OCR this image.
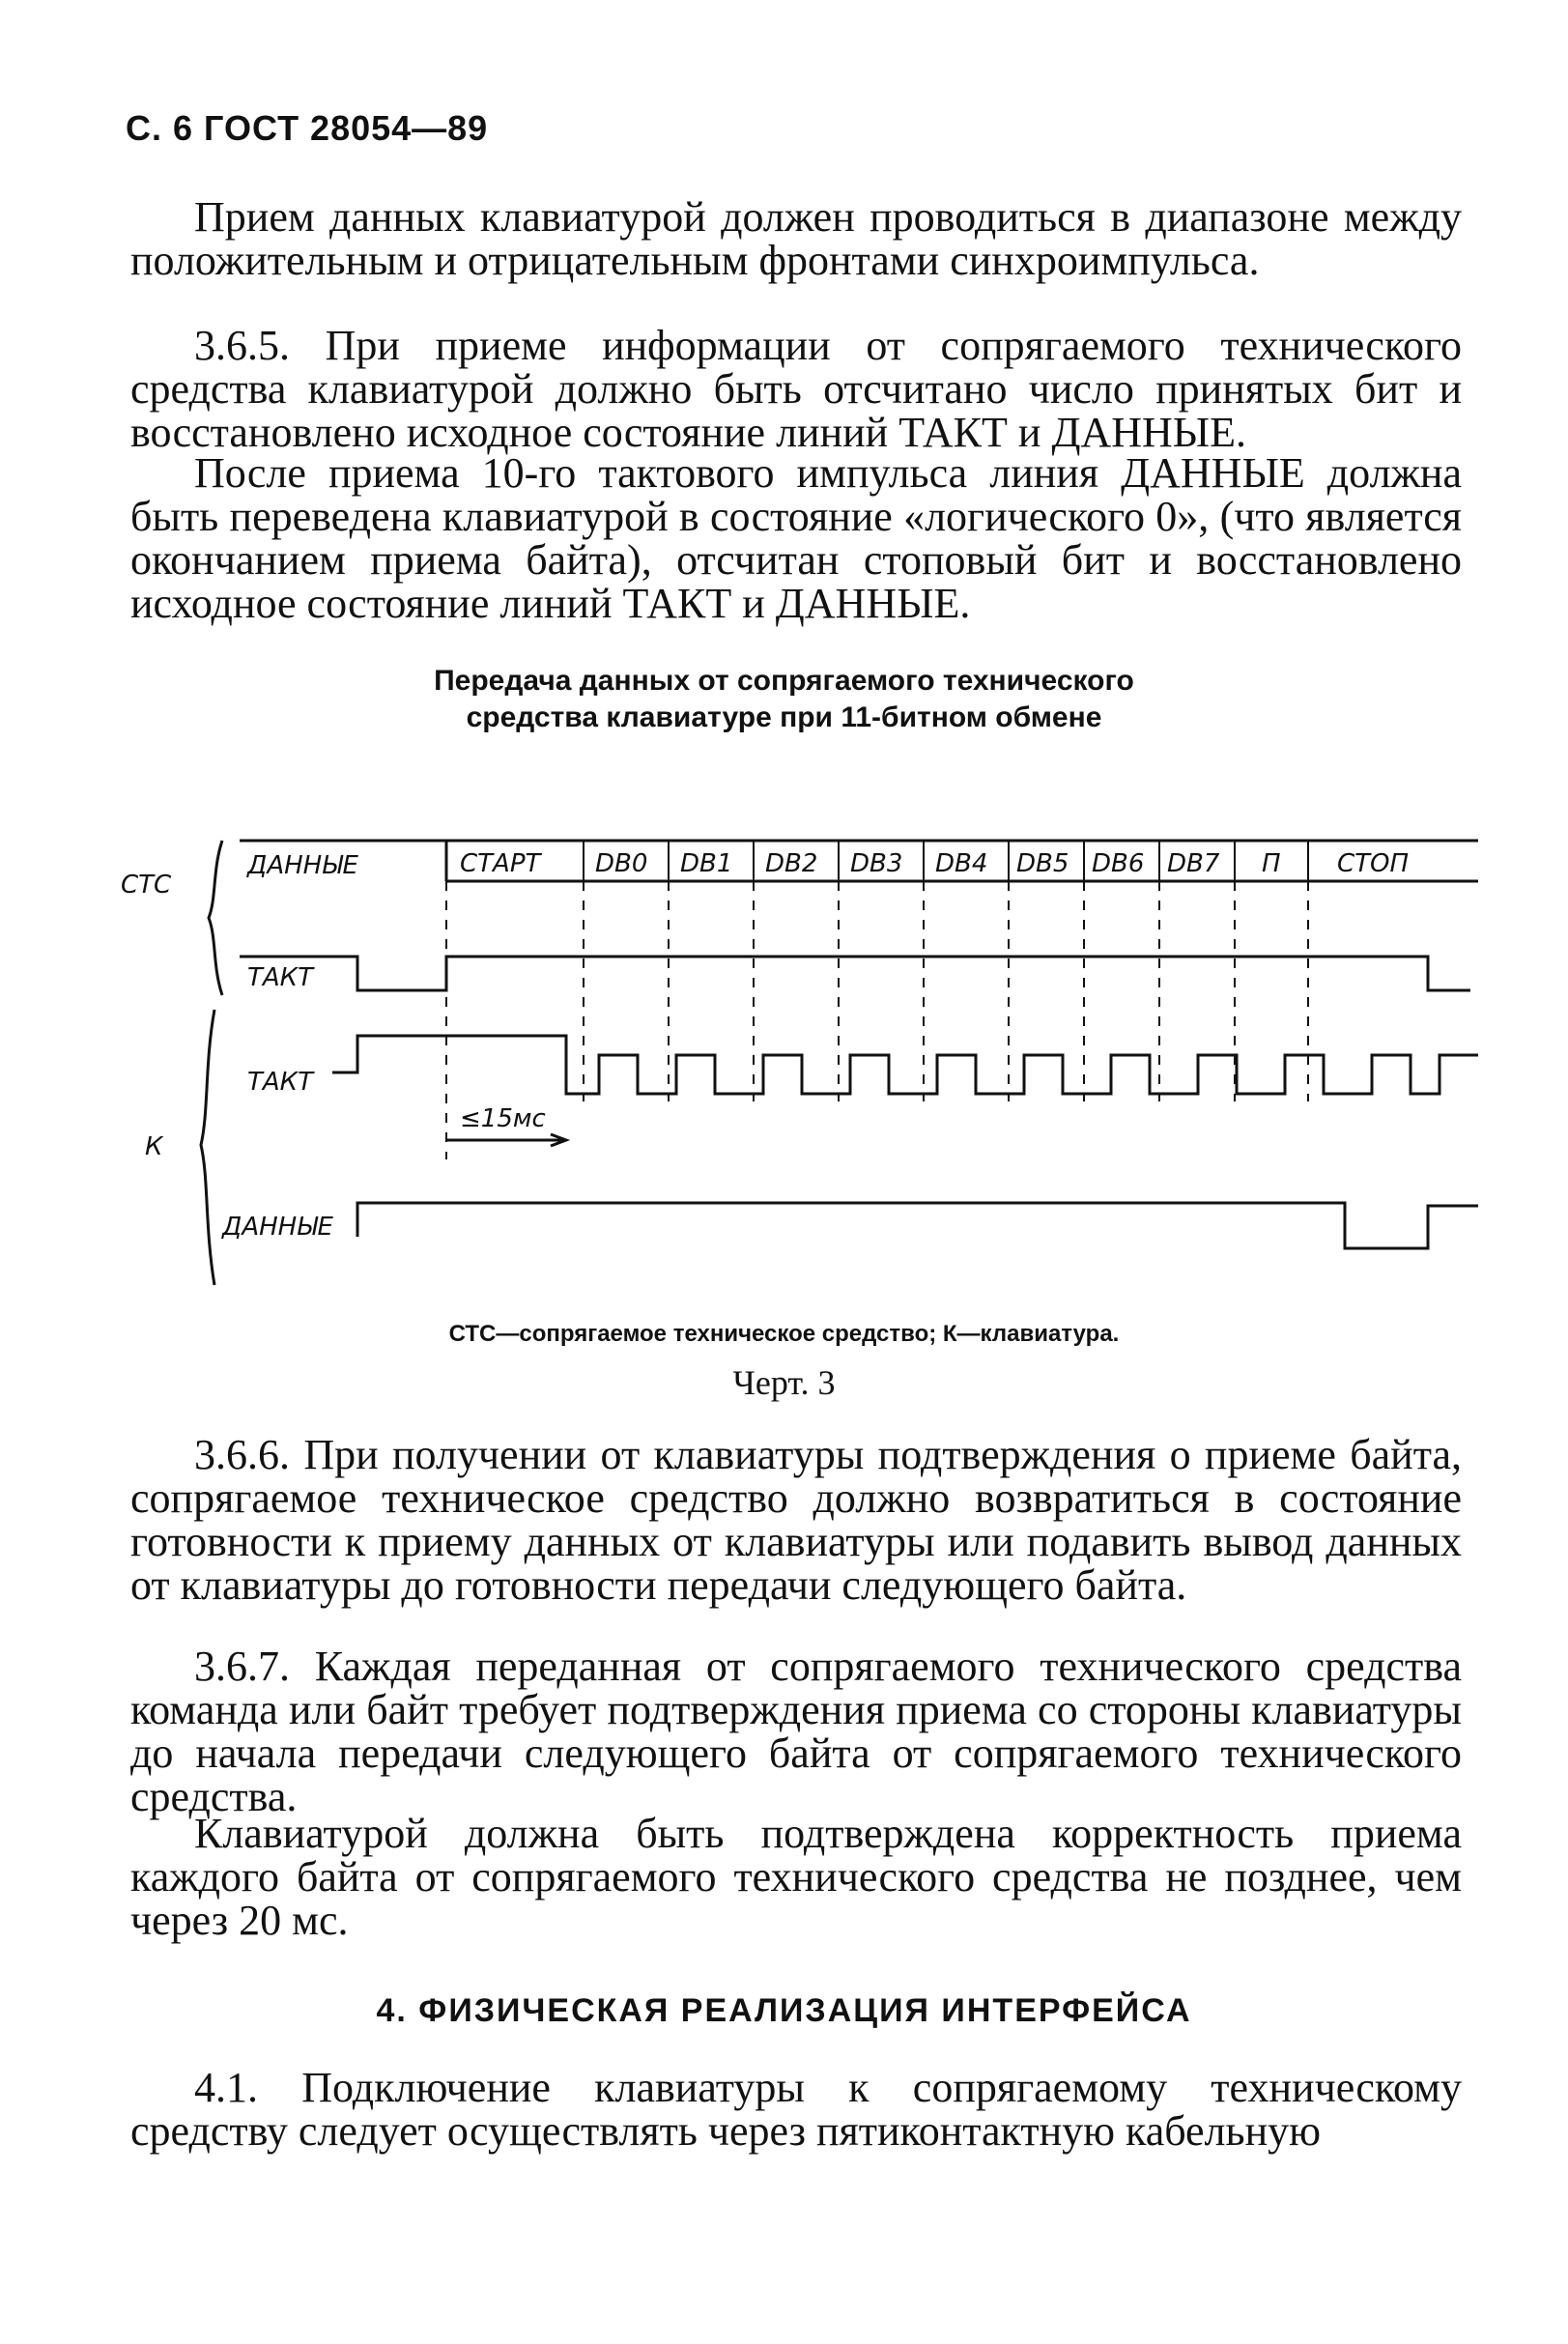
С. 6 ГОСТ 28054—89

Прием данных клавиатурой должен проводиться в диапазоне между положительным и отрицательным фронтами синхроимпульса.

3.6.5. При приеме информации от сопрягаемого технического средства клавиатурой должно быть отсчитано число принятых бит и восстановлено исходное состояние линий ТАКТ и ДАННЫЕ.

После приема 10-го тактового импульса линия ДАННЫЕ должна быть переведена клавиатурой в состояние «логического 0», (что является окончанием приема байта), отсчитан стоповый бит и восстановлено исходное состояние линий ТАКТ и ДАННЫЕ.

Передача данных от сопрягаемого технического
средства клавиатуре при 11-битном обмене
СТС
К
ДАННЫЕ
ТАКТ
ТАКТ
ДАННЫЕ
≤15мс
СТАРТ DB0 DB1 DB2 DB3 DB4 DB5 DB6 DB7 П СТОП
СТС—сопрягаемое техническое средство; К—клавиатура.
Черт. 3

3.6.6. При получении от клавиатуры подтверждения о приеме байта, сопрягаемое техническое средство должно возвратиться в состояние готовности к приему данных от клавиатуры или подавить вывод данных от клавиатуры до готовности передачи следующего байта.

3.6.7. Каждая переданная от сопрягаемого технического средства команда или байт требует подтверждения приема со стороны клавиатуры до начала передачи следующего байта от сопрягаемого технического средства.

Клавиатурой должна быть подтверждена корректность приема каждого байта от сопрягаемого технического средства не позднее, чем через 20 мс.

4. ФИЗИЧЕСКАЯ РЕАЛИЗАЦИЯ ИНТЕРФЕЙСА

4.1. Подключение клавиатуры к сопрягаемому техническому средству следует осуществлять через пятиконтактную кабельную
